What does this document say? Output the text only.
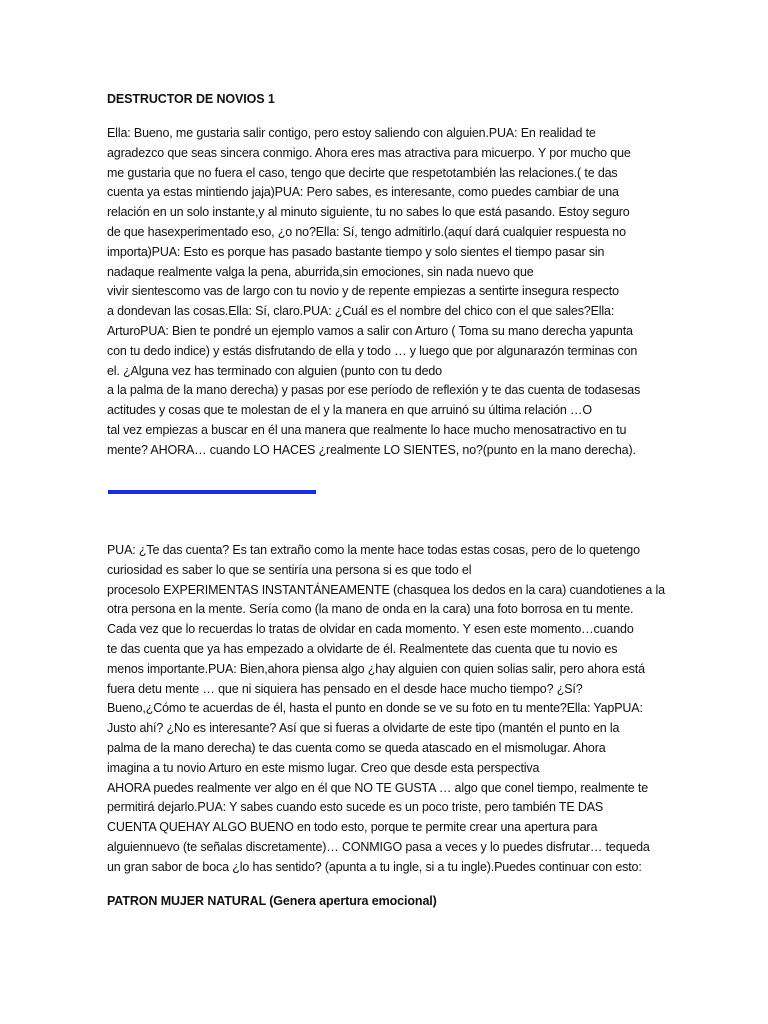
DESTRUCTOR DE NOVIOS 1
Ella: Bueno, me gustaria salir contigo, pero estoy saliendo con alguien.PUA: En realidad te
agradezco que seas sincera conmigo. Ahora eres mas atractiva para micuerpo. Y por mucho que
me gustaria que no fuera el caso, tengo que decirte que respetotambién las relaciones.( te das
cuenta ya estas mintiendo jaja)PUA: Pero sabes, es interesante, como puedes cambiar de una
relación en un solo instante,y al minuto siguiente, tu no sabes lo que está pasando. Estoy seguro
de que hasexperimentado eso, ¿o no?Ella: Sí, tengo admitirlo.(aquí dará cualquier respuesta no
importa)PUA: Esto es porque has pasado bastante tiempo y solo sientes el tiempo pasar sin
nadaque realmente valga la pena, aburrida,sin emociones, sin nada nuevo que
vivir sientescomo vas de largo con tu novio y de repente empiezas a sentirte insegura respecto
a dondevan las cosas.Ella: Sí, claro.PUA: ¿Cuál es el nombre del chico con el que sales?Ella:
ArturoPUA: Bien te pondré un ejemplo vamos a salir con Arturo ( Toma su mano derecha yapunta
con tu dedo indice) y estás disfrutando de ella y todo … y luego que por algunarazón terminas con
el. ¿Alguna vez has terminado con alguien (punto con tu dedo
a la palma de la mano derecha) y pasas por ese período de reflexión y te das cuenta de todasesas
actitudes y cosas que te molestan de el y la manera en que arruinó su última relación …O
tal vez empiezas a buscar en él una manera que realmente lo hace mucho menosatractivo en tu
mente? AHORA… cuando LO HACES ¿realmente LO SIENTES, no?(punto en la mano derecha).
PUA: ¿Te das cuenta? Es tan extraño como la mente hace todas estas cosas, pero de lo quetengo
curiosidad es saber lo que se sentiría una persona si es que todo el
procesolo EXPERIMENTAS INSTANTÁNEAMENTE (chasquea los dedos en la cara) cuandotienes a la
otra persona en la mente. Sería como (la mano de onda en la cara) una foto borrosa en tu mente.
Cada vez que lo recuerdas lo tratas de olvidar en cada momento. Y esen este momento…cuando
te das cuenta que ya has empezado a olvidarte de él. Realmentete das cuenta que tu novio es
menos importante.PUA: Bien,ahora piensa algo ¿hay alguien con quien solias salir, pero ahora está
fuera detu mente … que ni siquiera has pensado en el desde hace mucho tiempo? ¿Sí?
Bueno,¿Cómo te acuerdas de él, hasta el punto en donde se ve su foto en tu mente?Ella: YapPUA:
Justo ahí? ¿No es interesante? Así que si fueras a olvidarte de este tipo (mantén el punto en la
palma de la mano derecha) te das cuenta como se queda atascado en el mismolugar. Ahora
imagina a tu novio Arturo en este mismo lugar. Creo que desde esta perspectiva
AHORA puedes realmente ver algo en él que NO TE GUSTA … algo que conel tiempo, realmente te
permitirá dejarlo.PUA: Y sabes cuando esto sucede es un poco triste, pero también TE DAS
CUENTA QUEHAY ALGO BUENO en todo esto, porque te permite crear una apertura para
alguiennuevo (te señalas discretamente)… CONMIGO pasa a veces y lo puedes disfrutar… tequeda
un gran sabor de boca ¿lo has sentido? (apunta a tu ingle, si a tu ingle).Puedes continuar con esto:
PATRON MUJER NATURAL (Genera apertura emocional)
